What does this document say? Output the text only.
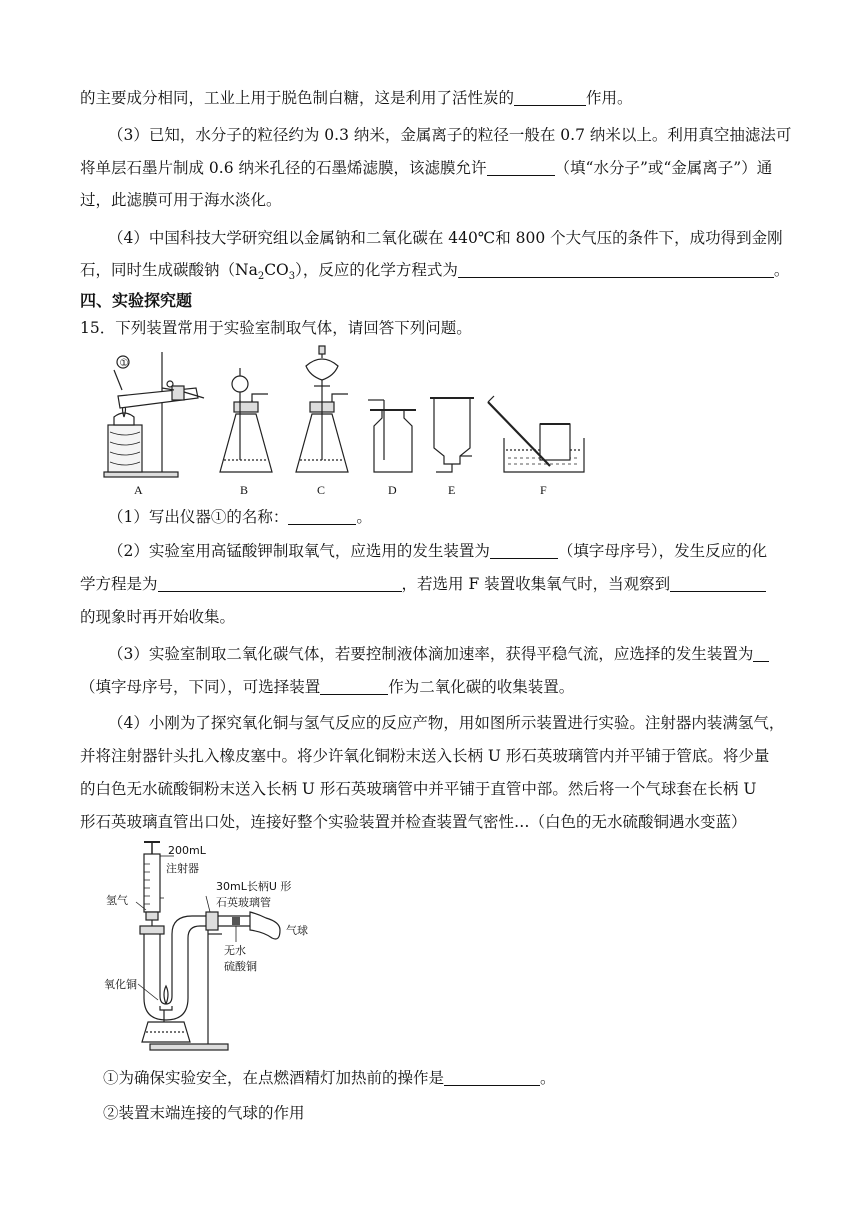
的主要成分相同，工业上用于脱色制白糖，这是利用了活性炭的	作用。
（3）已知，水分子的粒径约为 0.3 纳米，金属离子的粒径一般在 0.7 纳米以上。利用真空抽滤法可
将单层石墨片制成 0.6 纳米孔径的石墨烯滤膜，该滤膜允许	（填“水分子”或“金属离子”）通
过，此滤膜可用于海水淡化。
（4）中国科技大学研究组以金属钠和二氧化碳在 440℃和 800 个大气压的条件下，成功得到金刚
石，同时生成碳酸钠$(Na_2CO_3)$，反应的化学方程式为	。
四、实验探究题
15．下列装置常用于实验室制取气体，请回答下列问题。
①
A	B	C	D	E	F
（1）写出仪器①的名称：	。
（2）实验室用高锰酸钾制取氧气，应选用的发生装置为	（填字母序号），发生反应的化
学方程是为	，若选用 F 装置收集氧气时，当观察到
的现象时再开始收集。
（3）实验室制取二氧化碳气体，若要控制液体滴加速率，获得平稳气流，应选择的发生装置为
（填字母序号，下同），可选择装置	作为二氧化碳的收集装置。
（4）小刚为了探究氧化铜与氢气反应的反应产物，用如图所示装置进行实验。注射器内装满氢气，
并将注射器针头扎入橡皮塞中。将少许氧化铜粉末送入长柄 U 形石英玻璃管内并平铺于管底。将少量
的白色无水硫酸铜粉末送入长柄 U 形石英玻璃管中并平铺于直管中部。然后将一个气球套在长柄 U
形石英玻璃直管出口处，连接好整个实验装置并检查装置气密性…（白色的无水硫酸铜遇水变蓝）
200mL
注射器
30mL长柄U 形
石英玻璃管
氢气
气球
无水
硫酸铜
氧化铜
①为确保实验安全，在点燃酒精灯加热前的操作是	。
②装置末端连接的气球的作用
